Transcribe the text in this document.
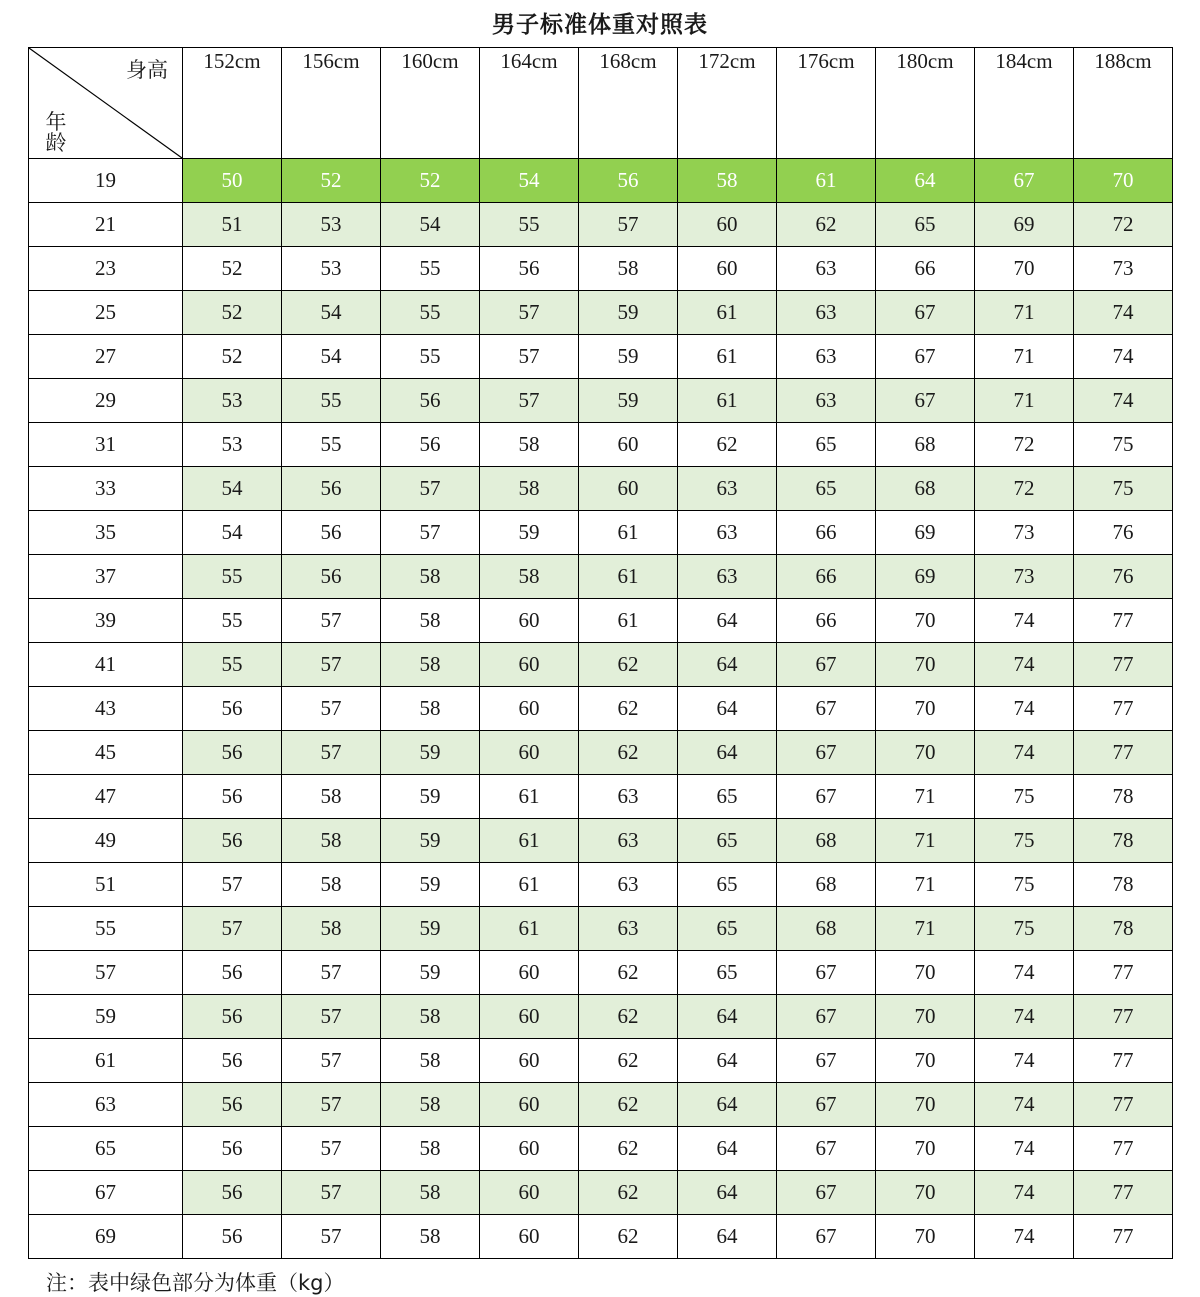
男子标准体重对照表
身高
年龄	152cm	156cm	160cm	164cm	168cm	172cm	176cm	180cm	184cm	188cm
19	50	52	52	54	56	58	61	64	67	70
21	51	53	54	55	57	60	62	65	69	72
23	52	53	55	56	58	60	63	66	70	73
25	52	54	55	57	59	61	63	67	71	74
27	52	54	55	57	59	61	63	67	71	74
29	53	55	56	57	59	61	63	67	71	74
31	53	55	56	58	60	62	65	68	72	75
33	54	56	57	58	60	63	65	68	72	75
35	54	56	57	59	61	63	66	69	73	76
37	55	56	58	58	61	63	66	69	73	76
39	55	57	58	60	61	64	66	70	74	77
41	55	57	58	60	62	64	67	70	74	77
43	56	57	58	60	62	64	67	70	74	77
45	56	57	59	60	62	64	67	70	74	77
47	56	58	59	61	63	65	67	71	75	78
49	56	58	59	61	63	65	68	71	75	78
51	57	58	59	61	63	65	68	71	75	78
55	57	58	59	61	63	65	68	71	75	78
57	56	57	59	60	62	65	67	70	74	77
59	56	57	58	60	62	64	67	70	74	77
61	56	57	58	60	62	64	67	70	74	77
63	56	57	58	60	62	64	67	70	74	77
65	56	57	58	60	62	64	67	70	74	77
67	56	57	58	60	62	64	67	70	74	77
69	56	57	58	60	62	64	67	70	74	77
注：表中绿色部分为体重（kg）
